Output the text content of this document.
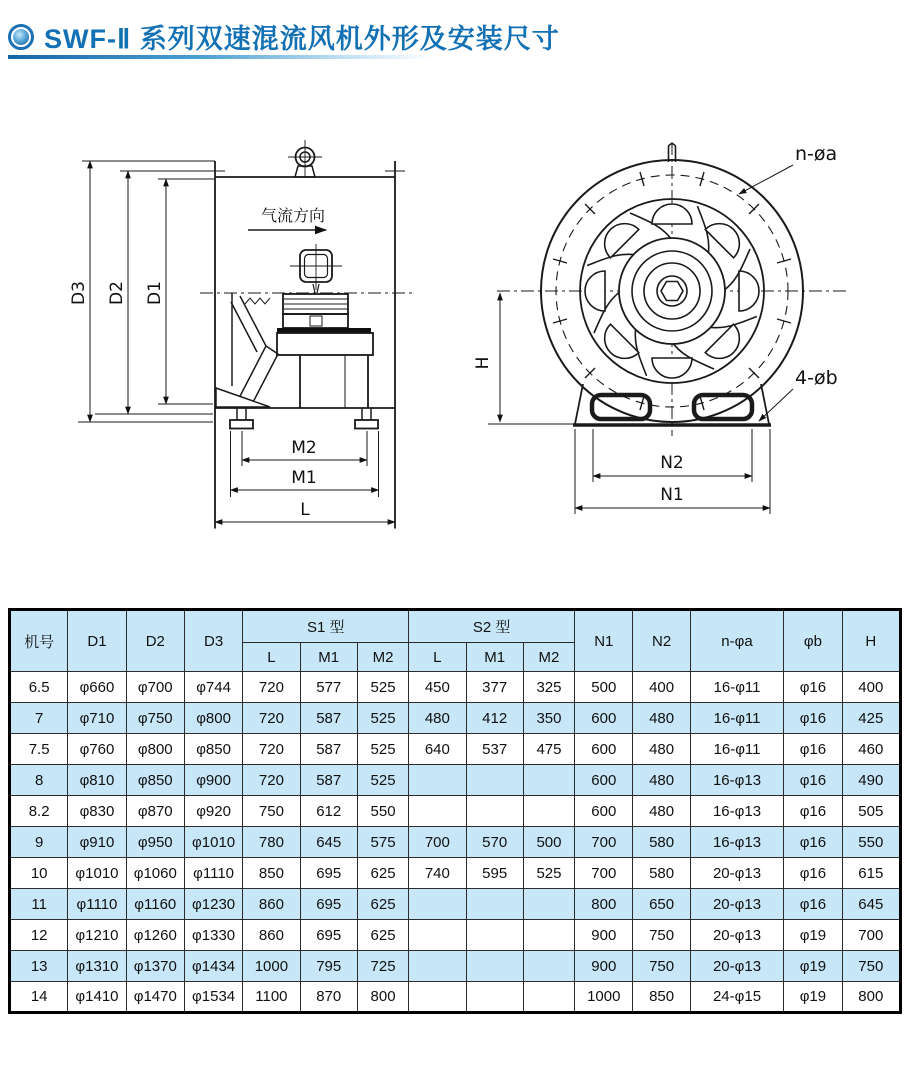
SWF-Ⅱ 系列双速混流风机外形及安装尺寸
气流方向
D1
D2
D3
M2
M1
L
H
N2
N1
n-øa
4-øb
机号	D1	D2	D3	S1 型			S2 型			N1	N2	n-φa	φb	H
				L	M1	M2	L	M1	M2					
6.5	φ660	φ700	φ744	720	577	525	450	377	325	500	400	16-φ11	φ16	400
7	φ710	φ750	φ800	720	587	525	480	412	350	600	480	16-φ11	φ16	425
7.5	φ760	φ800	φ850	720	587	525	640	537	475	600	480	16-φ11	φ16	460
8	φ810	φ850	φ900	720	587	525				600	480	16-φ13	φ16	490
8.2	φ830	φ870	φ920	750	612	550				600	480	16-φ13	φ16	505
9	φ910	φ950	φ1010	780	645	575	700	570	500	700	580	16-φ13	φ16	550
10	φ1010	φ1060	φ1110	850	695	625	740	595	525	700	580	20-φ13	φ16	615
11	φ1110	φ1160	φ1230	860	695	625				800	650	20-φ13	φ16	645
12	φ1210	φ1260	φ1330	860	695	625				900	750	20-φ13	φ19	700
13	φ1310	φ1370	φ1434	1000	795	725				900	750	20-φ13	φ19	750
14	φ1410	φ1470	φ1534	1100	870	800				1000	850	24-φ15	φ19	800
